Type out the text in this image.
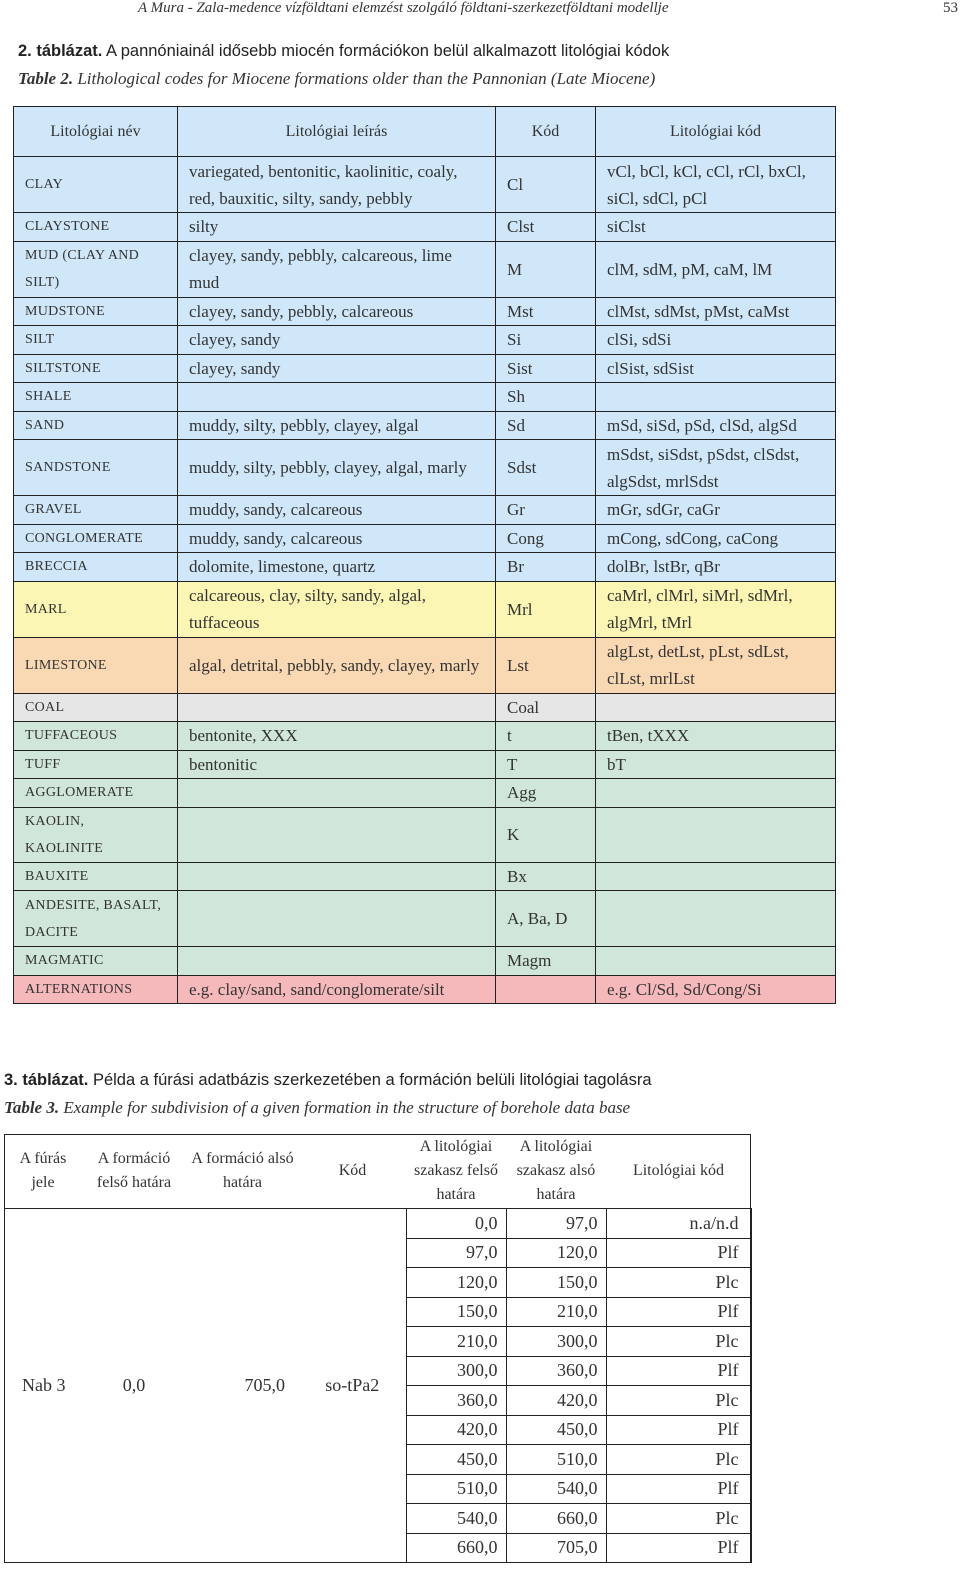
A Mura - Zala-medence vízföldtani elemzést szolgáló földtani-szerkezetföldtani modellje	53
2. táblázat. A pannóniainál idősebb miocén formációkon belül alkalmazott litológiai kódok
Table 2. Lithological codes for Miocene formations older than the Pannonian (Late Miocene)
Litológiai név	Litológiai leírás	Kód	Litológiai kód
CLAY	variegated, bentonitic, kaolinitic, coaly, red, bauxitic, silty, sandy, pebbly	Cl	vCl, bCl, kCl, cCl, rCl, bxCl, siCl, sdCl, pCl
CLAYSTONE	silty	Clst	siClst
MUD (CLAY AND SILT)	clayey, sandy, pebbly, calcareous, lime mud	M	clM, sdM, pM, caM, lM
MUDSTONE	clayey, sandy, pebbly, calcareous	Mst	clMst, sdMst, pMst, caMst
SILT	clayey, sandy	Si	clSi, sdSi
SILTSTONE	clayey, sandy	Sist	clSist, sdSist
SHALE		Sh	
SAND	muddy, silty, pebbly, clayey, algal	Sd	mSd, siSd, pSd, clSd, algSd
SANDSTONE	muddy, silty, pebbly, clayey, algal, marly	Sdst	mSdst, siSdst, pSdst, clSdst, algSdst, mrlSdst
GRAVEL	muddy, sandy, calcareous	Gr	mGr, sdGr, caGr
CONGLOMERATE	muddy, sandy, calcareous	Cong	mCong, sdCong, caCong
BRECCIA	dolomite, limestone, quartz	Br	dolBr, lstBr, qBr
MARL	calcareous, clay, silty, sandy, algal, tuffaceous	Mrl	caMrl, clMrl, siMrl, sdMrl, algMrl, tMrl
LIMESTONE	algal, detrital, pebbly, sandy, clayey, marly	Lst	algLst, detLst, pLst, sdLst, clLst, mrlLst
COAL		Coal	
TUFFACEOUS	bentonite, XXX	t	tBen, tXXX
TUFF	bentonitic	T	bT
AGGLOMERATE		Agg	
KAOLIN, KAOLINITE		K	
BAUXITE		Bx	
ANDESITE, BASALT, DACITE		A, Ba, D	
MAGMATIC		Magm	
ALTERNATIONS	e.g. clay/sand, sand/conglomerate/silt		e.g. Cl/Sd, Sd/Cong/Si
3. táblázat. Példa a fúrási adatbázis szerkezetében a formáción belüli litológiai tagolásra
Table 3. Example for subdivision of a given formation in the structure of borehole data base
A fúrás jele	A formáció felső határa	A formáció alsó határa	Kód	A litológiai szakasz felső határa	A litológiai szakasz alsó határa	Litológiai kód
Nab 3	0,0	705,0	so-tPa2	0,0	97,0	n.a/n.d
				97,0	120,0	Plf
				120,0	150,0	Plc
				150,0	210,0	Plf
				210,0	300,0	Plc
				300,0	360,0	Plf
				360,0	420,0	Plc
				420,0	450,0	Plf
				450,0	510,0	Plc
				510,0	540,0	Plf
				540,0	660,0	Plc
				660,0	705,0	Plf
